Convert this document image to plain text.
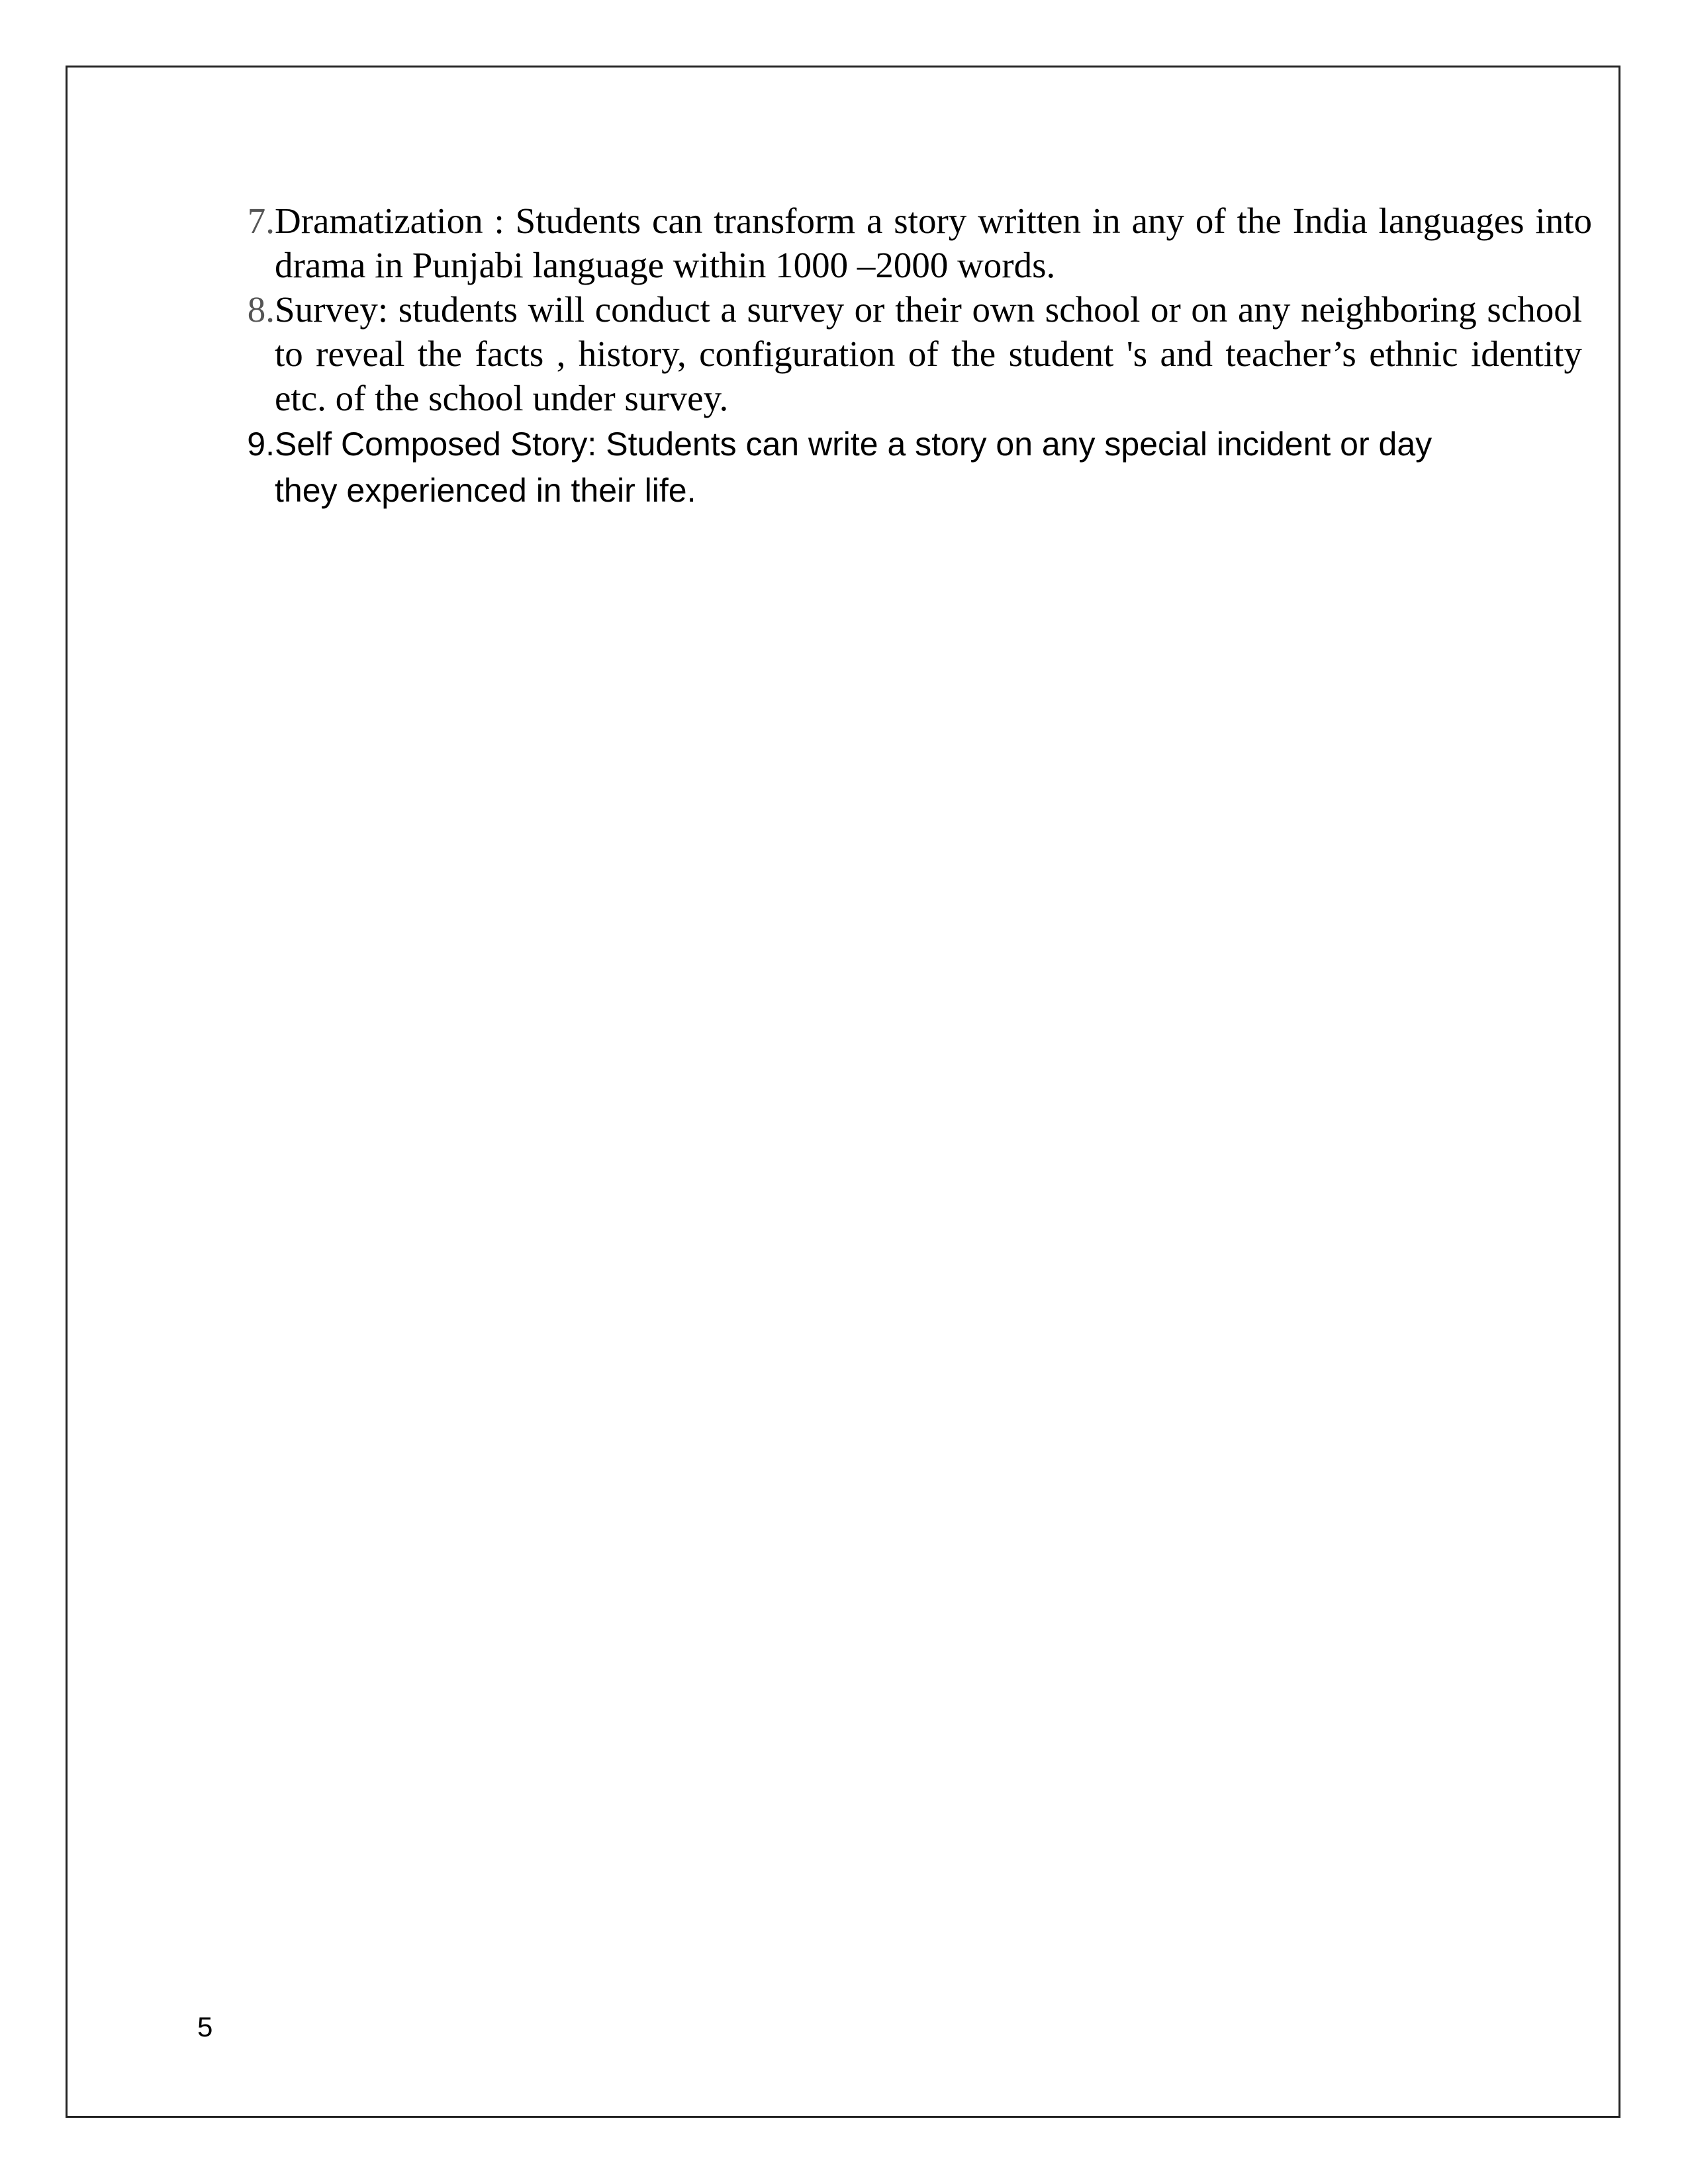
7. Dramatization : Students can transform a story written in any of the India languages into drama in Punjabi language within 1000 –2000 words.
8. Survey: students will conduct a survey or their own school or on any neighboring school to reveal the facts , history, configuration of the student 's and teacher’s ethnic identity etc. of the school under survey.
9. Self Composed Story: Students can write a story on any special incident or day they experienced in their life.
5
